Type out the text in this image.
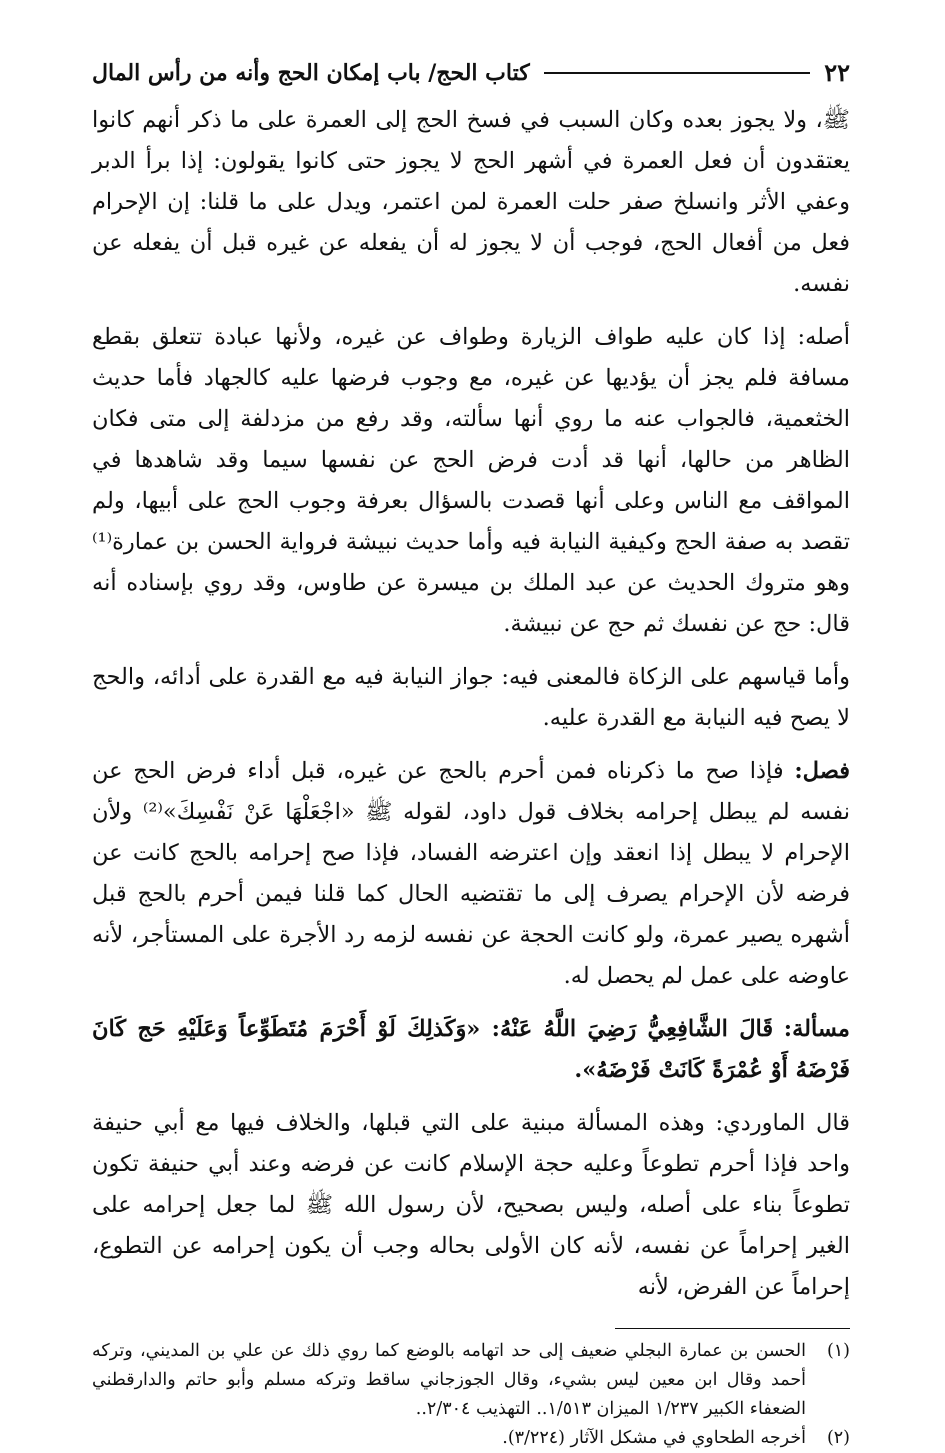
٢٢
كتاب الحج/ باب إمكان الحج وأنه من رأس المال

ﷺ، ولا يجوز بعده وكان السبب في فسخ الحج إلى العمرة على ما ذكر أنهم كانوا يعتقدون أن فعل العمرة في أشهر الحج لا يجوز حتى كانوا يقولون: إذا برأ الدبر وعفي الأثر وانسلخ صفر حلت العمرة لمن اعتمر، ويدل على ما قلنا: إن الإحرام فعل من أفعال الحج، فوجب أن لا يجوز له أن يفعله عن غيره قبل أن يفعله عن نفسه.

أصله: إذا كان عليه طواف الزيارة وطواف عن غيره، ولأنها عبادة تتعلق بقطع مسافة فلم يجز أن يؤديها عن غيره، مع وجوب فرضها عليه كالجهاد فأما حديث الخثعمية، فالجواب عنه ما روي أنها سألته، وقد رفع من مزدلفة إلى متى فكان الظاهر من حالها، أنها قد أدت فرض الحج عن نفسها سيما وقد شاهدها في المواقف مع الناس وعلى أنها قصدت بالسؤال بعرفة وجوب الحج على أبيها، ولم تقصد به صفة الحج وكيفية النيابة فيه وأما حديث نبيشة فرواية الحسن بن عمارة⁽¹⁾ وهو متروك الحديث عن عبد الملك بن ميسرة عن طاوس، وقد روي بإسناده أنه قال: حج عن نفسك ثم حج عن نبيشة.

وأما قياسهم على الزكاة فالمعنى فيه: جواز النيابة فيه مع القدرة على أدائه، والحج لا يصح فيه النيابة مع القدرة عليه.

فصل: فإذا صح ما ذكرناه فمن أحرم بالحج عن غيره، قبل أداء فرض الحج عن نفسه لم يبطل إحرامه بخلاف قول داود، لقوله ﷺ «اجْعَلْهَا عَنْ نَفْسِكَ»⁽²⁾ ولأن الإحرام لا يبطل إذا انعقد وإن اعترضه الفساد، فإذا صح إحرامه بالحج كانت عن فرضه لأن الإحرام يصرف إلى ما تقتضيه الحال كما قلنا فيمن أحرم بالحج قبل أشهره يصير عمرة، ولو كانت الحجة عن نفسه لزمه رد الأجرة على المستأجر، لأنه عاوضه على عمل لم يحصل له.

مسألة: قَالَ الشَّافِعِيُّ رَضِيَ اللَّهُ عَنْهُ: «وَكَذلِكَ لَوْ أَحْرَمَ مُتَطَوِّعاً وَعَلَيْهِ حَج كَانَ فَرْضَهُ أَوْ عُمْرَةً كَانَتْ فَرْضَهُ».

قال الماوردي: وهذه المسألة مبنية على التي قبلها، والخلاف فيها مع أبي حنيفة واحد فإذا أحرم تطوعاً وعليه حجة الإسلام كانت عن فرضه وعند أبي حنيفة تكون تطوعاً بناء على أصله، وليس بصحيح، لأن رسول الله ﷺ لما جعل إحرامه على الغير إحراماً عن نفسه، لأنه كان الأولى بحاله وجب أن يكون إحرامه عن التطوع، إحراماً عن الفرض، لأنه

(١)
الحسن بن عمارة البجلي ضعيف إلى حد اتهامه بالوضع كما روي ذلك عن علي بن المديني، وتركه أحمد وقال ابن معين ليس بشيء، وقال الجوزجاني ساقط وتركه مسلم وأبو حاتم والدارقطني الضعفاء الكبير ١/٢٣٧ الميزان ١/٥١٣.. التهذيب ٢/٣٠٤..
(٢)
أخرجه الطحاوي في مشكل الآثار (٣/٢٢٤).
